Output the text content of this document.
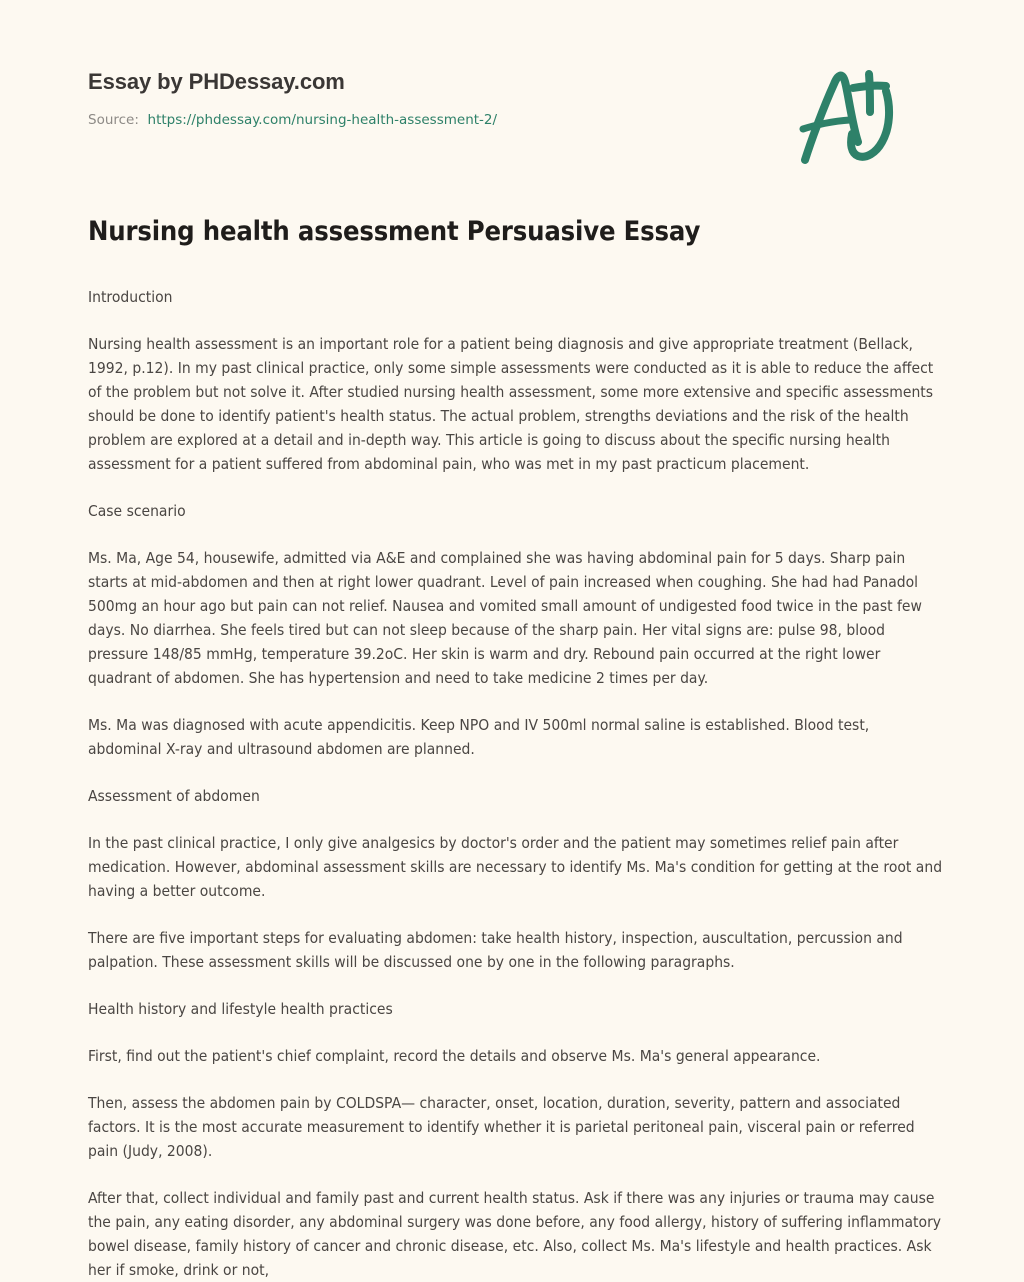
Essay by PHDessay.com
Source: https://phdessay.com/nursing-health-assessment-2/
Nursing health assessment Persuasive Essay

Introduction

Nursing health assessment is an important role for a patient being diagnosis and give appropriate treatment (Bellack, 1992, p.12). In my past clinical practice, only some simple assessments were conducted as it is able to reduce the affect of the problem but not solve it. After studied nursing health assessment, some more extensive and specific assessments should be done to identify patient's health status. The actual problem, strengths deviations and the risk of the health problem are explored at a detail and in-depth way. This article is going to discuss about the specific nursing health assessment for a patient suffered from abdominal pain, who was met in my past practicum placement.

Case scenario

Ms. Ma, Age 54, housewife, admitted via A&E and complained she was having abdominal pain for 5 days. Sharp pain starts at mid-abdomen and then at right lower quadrant. Level of pain increased when coughing. She had had Panadol 500mg an hour ago but pain can not relief. Nausea and vomited small amount of undigested food twice in the past few days. No diarrhea. She feels tired but can not sleep because of the sharp pain. Her vital signs are: pulse 98, blood pressure 148/85 mmHg, temperature 39.2oC. Her skin is warm and dry. Rebound pain occurred at the right lower quadrant of abdomen. She has hypertension and need to take medicine 2 times per day.

Ms. Ma was diagnosed with acute appendicitis. Keep NPO and IV 500ml normal saline is established. Blood test, abdominal X-ray and ultrasound abdomen are planned.

Assessment of abdomen

In the past clinical practice, I only give analgesics by doctor's order and the patient may sometimes relief pain after medication. However, abdominal assessment skills are necessary to identify Ms. Ma's condition for getting at the root and having a better outcome.

There are five important steps for evaluating abdomen: take health history, inspection, auscultation, percussion and palpation. These assessment skills will be discussed one by one in the following paragraphs.

Health history and lifestyle health practices

First, find out the patient's chief complaint, record the details and observe Ms. Ma's general appearance.

Then, assess the abdomen pain by COLDSPA— character, onset, location, duration, severity, pattern and associated factors. It is the most accurate measurement to identify whether it is parietal peritoneal pain, visceral pain or referred pain (Judy, 2008).

After that, collect individual and family past and current health status. Ask if there was any injuries or trauma may cause the pain, any eating disorder, any abdominal surgery was done before, any food allergy, history of suffering inflammatory bowel disease, family history of cancer and chronic disease, etc. Also, collect Ms. Ma's lifestyle and health practices. Ask her if smoke, drink or not,
